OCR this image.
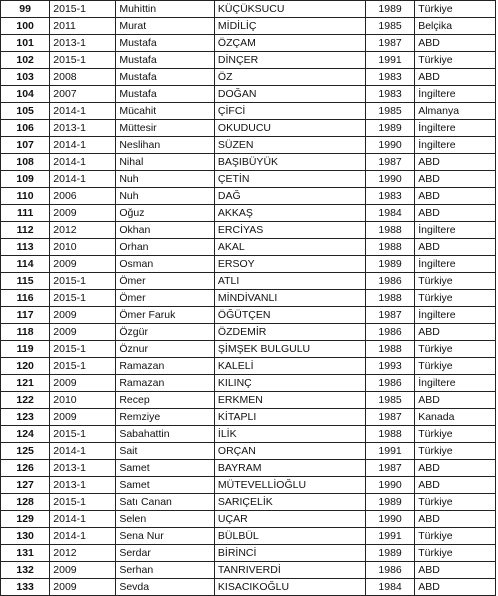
99	2015-1	Muhittin	KÜÇÜKSUCU	1989	Türkiye
100	2011	Murat	MİDİLİÇ	1985	Belçika
101	2013-1	Mustafa	ÖZÇAM	1987	ABD
102	2015-1	Mustafa	DİNÇER	1991	Türkiye
103	2008	Mustafa	ÖZ	1983	ABD
104	2007	Mustafa	DOĞAN	1983	İngiltere
105	2014-1	Mücahit	ÇİFCİ	1985	Almanya
106	2013-1	Müttesir	OKUDUCU	1989	İngiltere
107	2014-1	Neslihan	SÜZEN	1990	İngiltere
108	2014-1	Nihal	BAŞIBÜYÜK	1987	ABD
109	2014-1	Nuh	ÇETİN	1990	ABD
110	2006	Nuh	DAĞ	1983	ABD
111	2009	Oğuz	AKKAŞ	1984	ABD
112	2012	Okhan	ERCİYAS	1988	İngiltere
113	2010	Orhan	AKAL	1988	ABD
114	2009	Osman	ERSOY	1989	İngiltere
115	2015-1	Ömer	ATLI	1986	Türkiye
116	2015-1	Ömer	MİNDİVANLI	1988	Türkiye
117	2009	Ömer Faruk	ÖĞÜTÇEN	1987	İngiltere
118	2009	Özgür	ÖZDEMİR	1986	ABD
119	2015-1	Öznur	ŞİMŞEK BULGULU	1988	Türkiye
120	2015-1	Ramazan	KALELİ	1993	Türkiye
121	2009	Ramazan	KILINÇ	1986	İngiltere
122	2010	Recep	ERKMEN	1985	ABD
123	2009	Remziye	KİTAPLI	1987	Kanada
124	2015-1	Sabahattin	İLİK	1988	Türkiye
125	2014-1	Sait	ORÇAN	1991	Türkiye
126	2013-1	Samet	BAYRAM	1987	ABD
127	2013-1	Samet	MÜTEVELLİOĞLU	1990	ABD
128	2015-1	Satı Canan	SARIÇELİK	1989	Türkiye
129	2014-1	Selen	UÇAR	1990	ABD
130	2014-1	Sena Nur	BÜLBÜL	1991	Türkiye
131	2012	Serdar	BİRİNCİ	1989	Türkiye
132	2009	Serhan	TANRIVERDİ	1986	ABD
133	2009	Sevda	KISACIKOĞLU	1984	ABD
